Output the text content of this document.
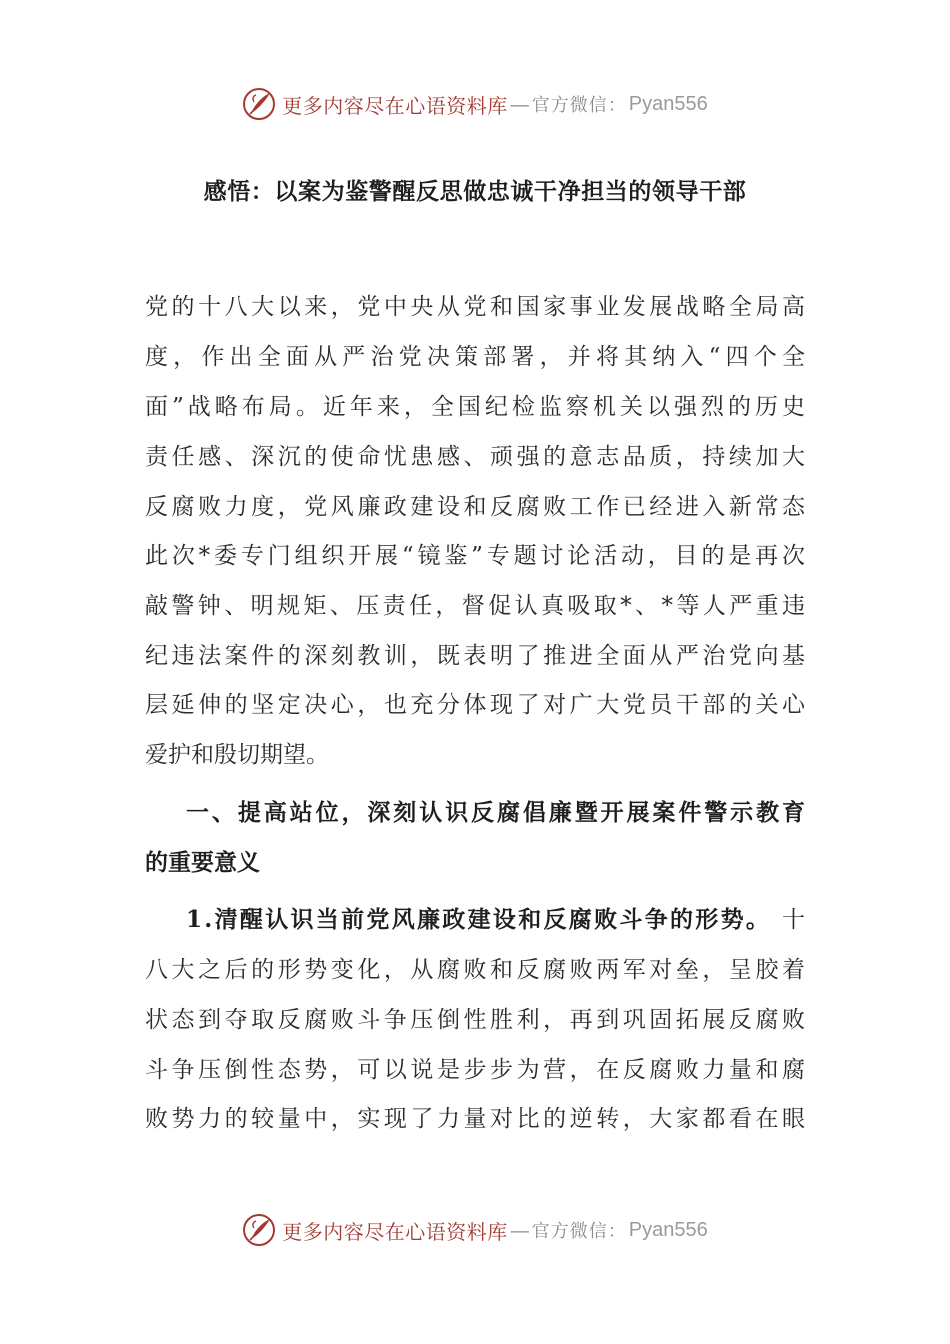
更多内容尽在心语资料库 — 官方微信： Pyan556
感悟：以案为鉴警醒反思做忠诚干净担当的领导干部
党的十八大以来，党中央从党和国家事业发展战略全局高
度，作出全面从严治党决策部署，并将其纳入“四个全
面”战略布局。近年来，全国纪检监察机关以强烈的历史
责任感、深沉的使命忧患感、顽强的意志品质，持续加大
反腐败力度，党风廉政建设和反腐败工作已经进入新常态
此次*委专门组织开展“镜鉴”专题讨论活动，目的是再次
敲警钟、明规矩、压责任，督促认真吸取*、*等人严重违
纪违法案件的深刻教训，既表明了推进全面从严治党向基
层延伸的坚定决心，也充分体现了对广大党员干部的关心
爱护和殷切期望。
一、提高站位，深刻认识反腐倡廉暨开展案件警示教育
的重要意义
1.清醒认识当前党风廉政建设和反腐败斗争的形势。 十
八大之后的形势变化，从腐败和反腐败两军对垒，呈胶着
状态到夺取反腐败斗争压倒性胜利，再到巩固拓展反腐败
斗争压倒性态势，可以说是步步为营，在反腐败力量和腐
败势力的较量中，实现了力量对比的逆转，大家都看在眼
更多内容尽在心语资料库 — 官方微信： Pyan556
